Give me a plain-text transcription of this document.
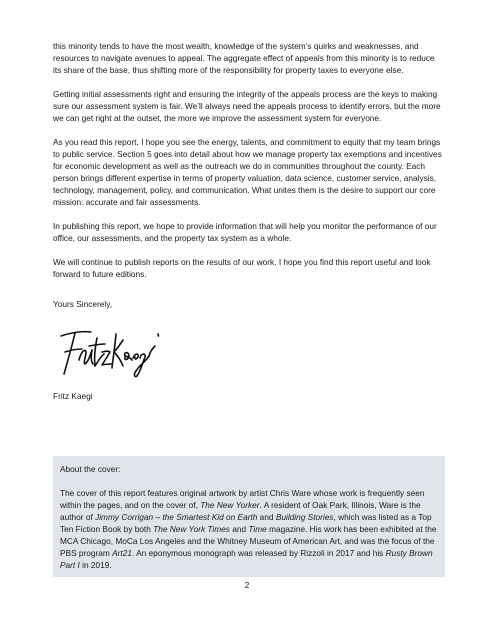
this minority tends to have the most wealth, knowledge of the system’s quirks and weaknesses, and resources to navigate avenues to appeal. The aggregate effect of appeals from this minority is to reduce its share of the base, thus shifting more of the responsibility for property taxes to everyone else.

Getting initial assessments right and ensuring the integrity of the appeals process are the keys to making sure our assessment system is fair. We’ll always need the appeals process to identify errors, but the more we can get right at the outset, the more we improve the assessment system for everyone.

As you read this report, I hope you see the energy, talents, and commitment to equity that my team brings to public service. Section 5 goes into detail about how we manage property tax exemptions and incentives for economic development as well as the outreach we do in communities throughout the county. Each person brings different expertise in terms of property valuation, data science, customer service, analysis, technology, management, policy, and communication. What unites them is the desire to support our core mission: accurate and fair assessments.

In publishing this report, we hope to provide information that will help you monitor the performance of our office, our assessments, and the property tax system as a whole.

We will continue to publish reports on the results of our work. I hope you find this report useful and look forward to future editions.

Yours Sincerely,

Fritz Kaegi

About the cover:

The cover of this report features original artwork by artist Chris Ware whose work is frequently seen within the pages, and on the cover of, The New Yorker. A resident of Oak Park, Illinois, Ware is the author of Jimmy Corrigan – the Smartest Kid on Earth and Building Stories, which was listed as a Top Ten Fiction Book by both The New York Times and Time magazine. His work has been exhibited at the MCA Chicago, MoCa Los Angeles and the Whitney Museum of American Art, and was the focus of the PBS program Art21. An eponymous monograph was released by Rizzoli in 2017 and his Rusty Brown Part I in 2019.

2
